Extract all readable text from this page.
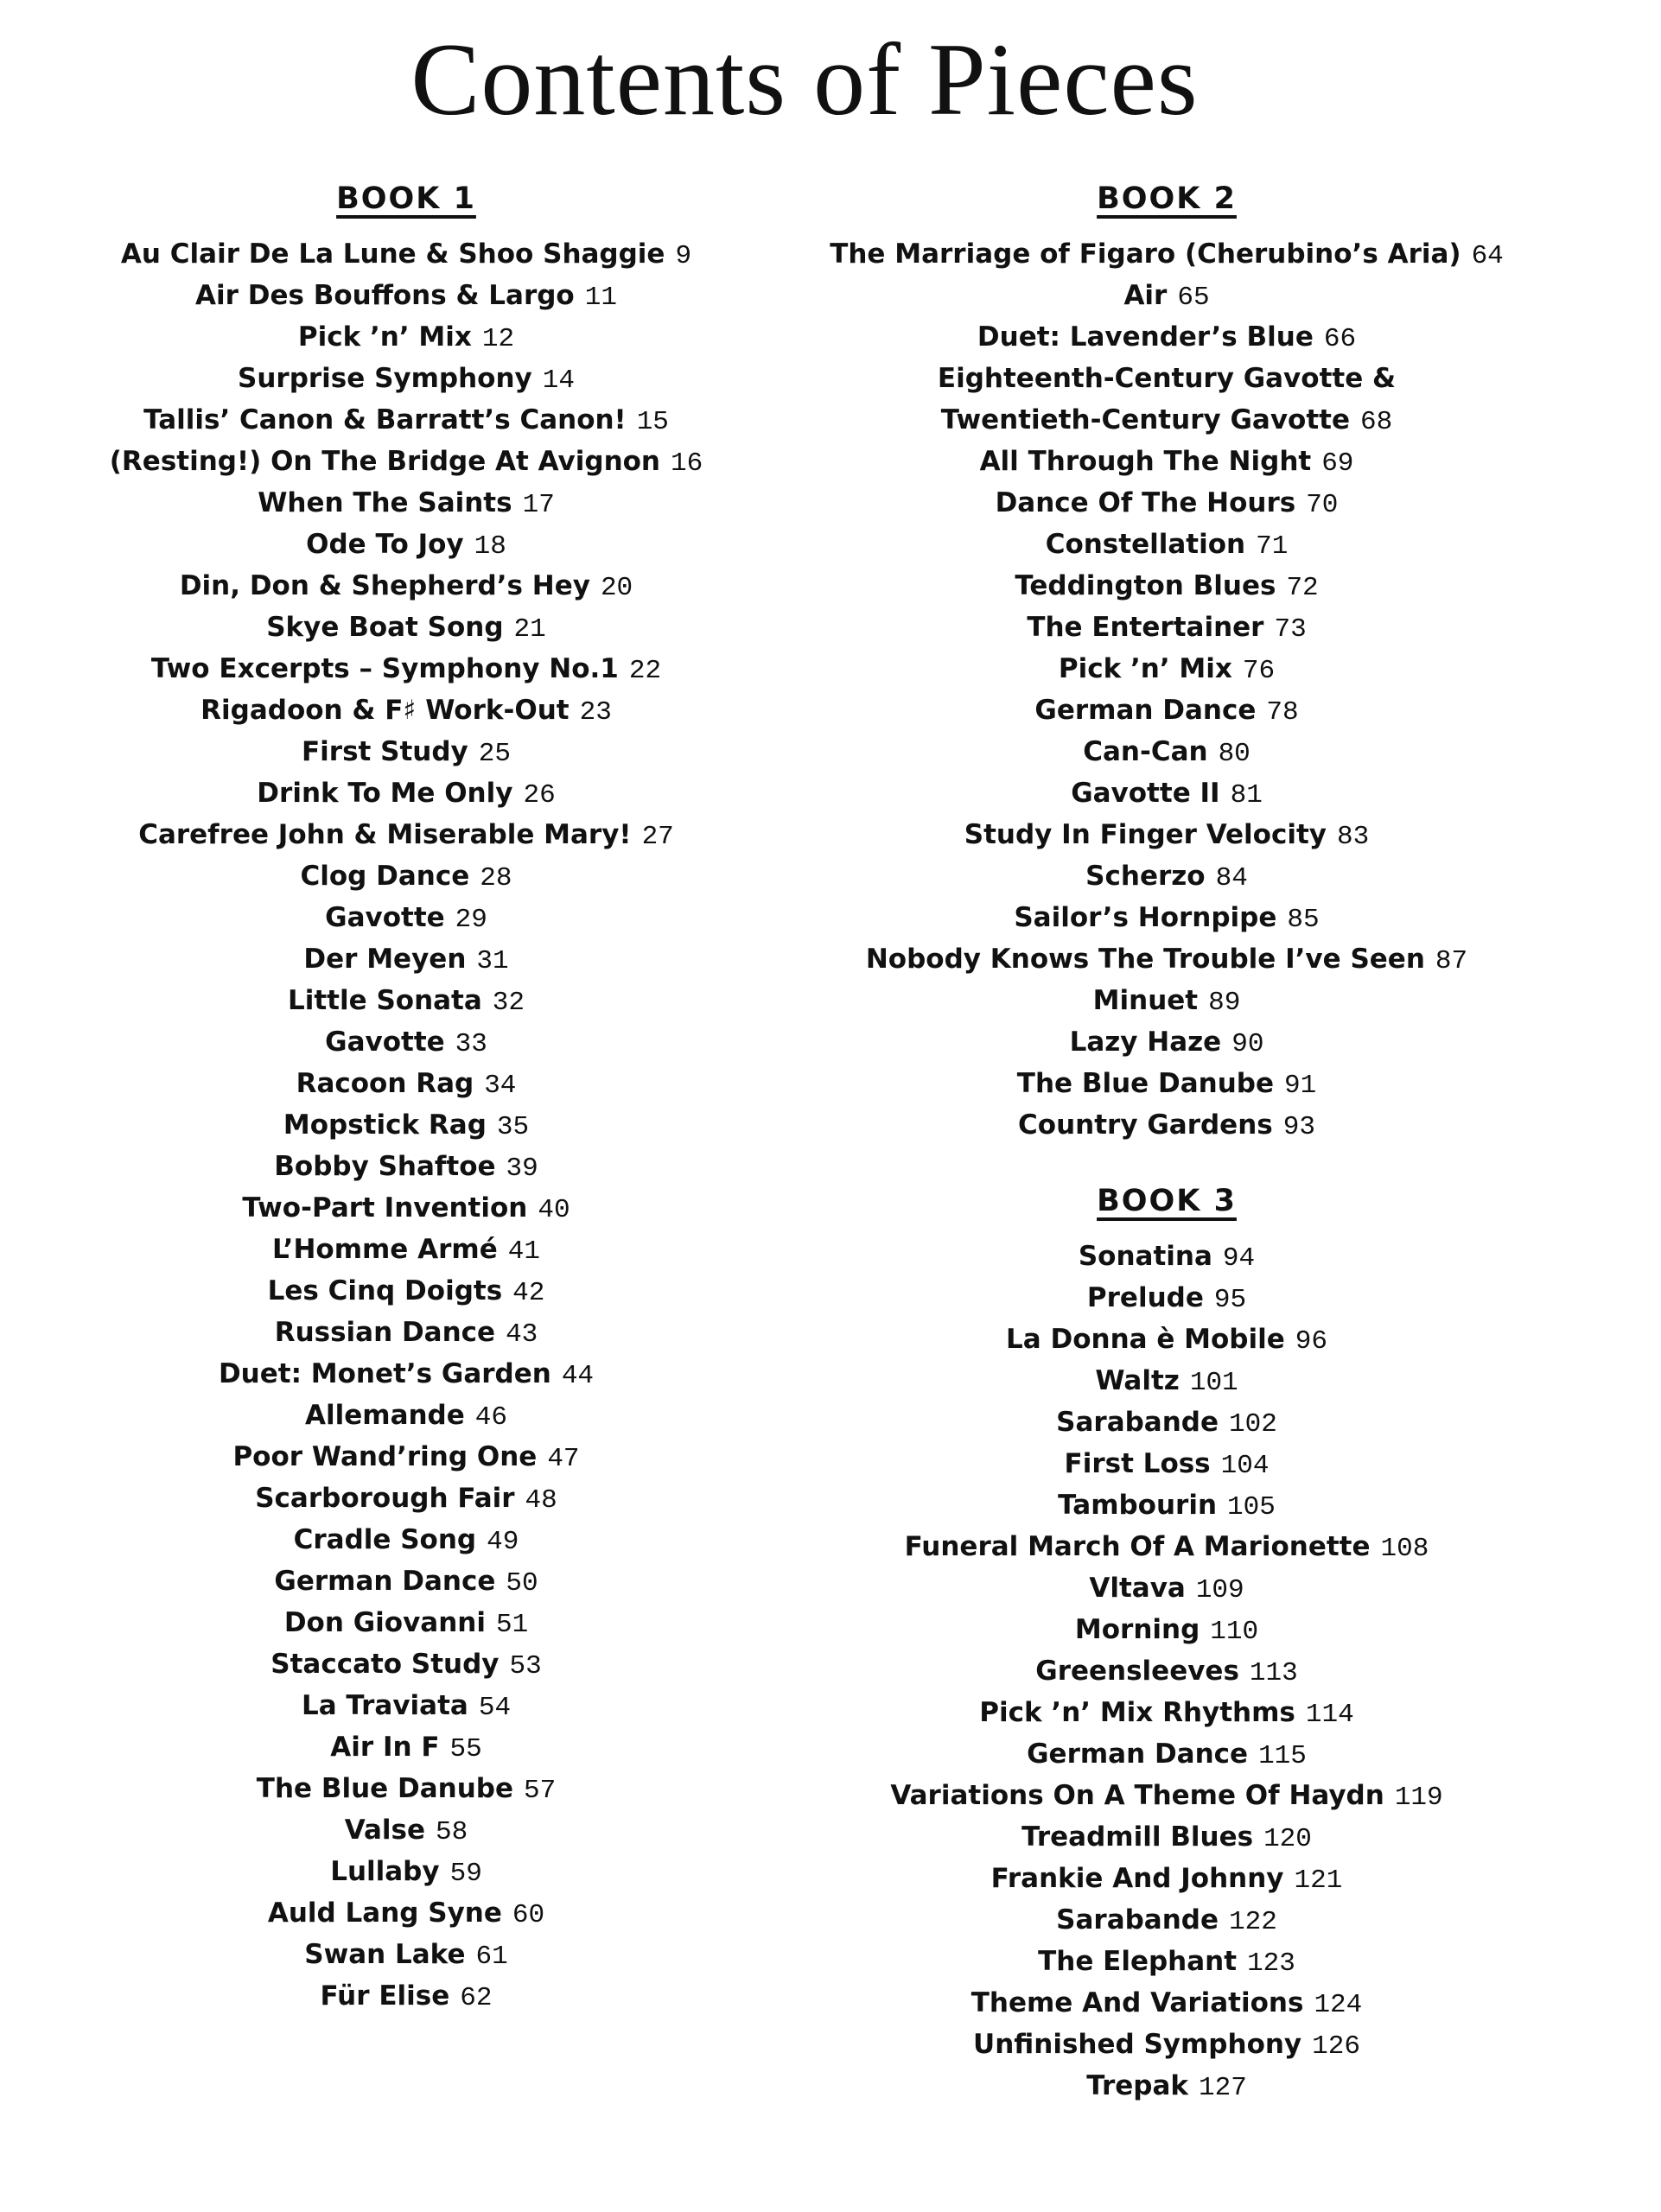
Contents of Pieces
BOOK 1
Au Clair De La Lune & Shoo Shaggie 9
Air Des Bouffons & Largo 11
Pick ’n’ Mix 12
Surprise Symphony 14
Tallis’ Canon & Barratt’s Canon! 15
(Resting!) On The Bridge At Avignon 16
When The Saints 17
Ode To Joy 18
Din, Don & Shepherd’s Hey 20
Skye Boat Song 21
Two Excerpts – Symphony No.1 22
Rigadoon & F♯ Work-Out 23
First Study 25
Drink To Me Only 26
Carefree John & Miserable Mary! 27
Clog Dance 28
Gavotte 29
Der Meyen 31
Little Sonata 32
Gavotte 33
Racoon Rag 34
Mopstick Rag 35
Bobby Shaftoe 39
Two-Part Invention 40
L’Homme Armé 41
Les Cinq Doigts 42
Russian Dance 43
Duet: Monet’s Garden 44
Allemande 46
Poor Wand’ring One 47
Scarborough Fair 48
Cradle Song 49
German Dance 50
Don Giovanni 51
Staccato Study 53
La Traviata 54
Air In F 55
The Blue Danube 57
Valse 58
Lullaby 59
Auld Lang Syne 60
Swan Lake 61
Für Elise 62
BOOK 2
The Marriage of Figaro (Cherubino’s Aria) 64
Air 65
Duet: Lavender’s Blue 66
Eighteenth-Century Gavotte &
Twentieth-Century Gavotte 68
All Through The Night 69
Dance Of The Hours 70
Constellation 71
Teddington Blues 72
The Entertainer 73
Pick ’n’ Mix 76
German Dance 78
Can-Can 80
Gavotte II 81
Study In Finger Velocity 83
Scherzo 84
Sailor’s Hornpipe 85
Nobody Knows The Trouble I’ve Seen 87
Minuet 89
Lazy Haze 90
The Blue Danube 91
Country Gardens 93
BOOK 3
Sonatina 94
Prelude 95
La Donna è Mobile 96
Waltz 101
Sarabande 102
First Loss 104
Tambourin 105
Funeral March Of A Marionette 108
Vltava 109
Morning 110
Greensleeves 113
Pick ’n’ Mix Rhythms 114
German Dance 115
Variations On A Theme Of Haydn 119
Treadmill Blues 120
Frankie And Johnny 121
Sarabande 122
The Elephant 123
Theme And Variations 124
Unfinished Symphony 126
Trepak 127
